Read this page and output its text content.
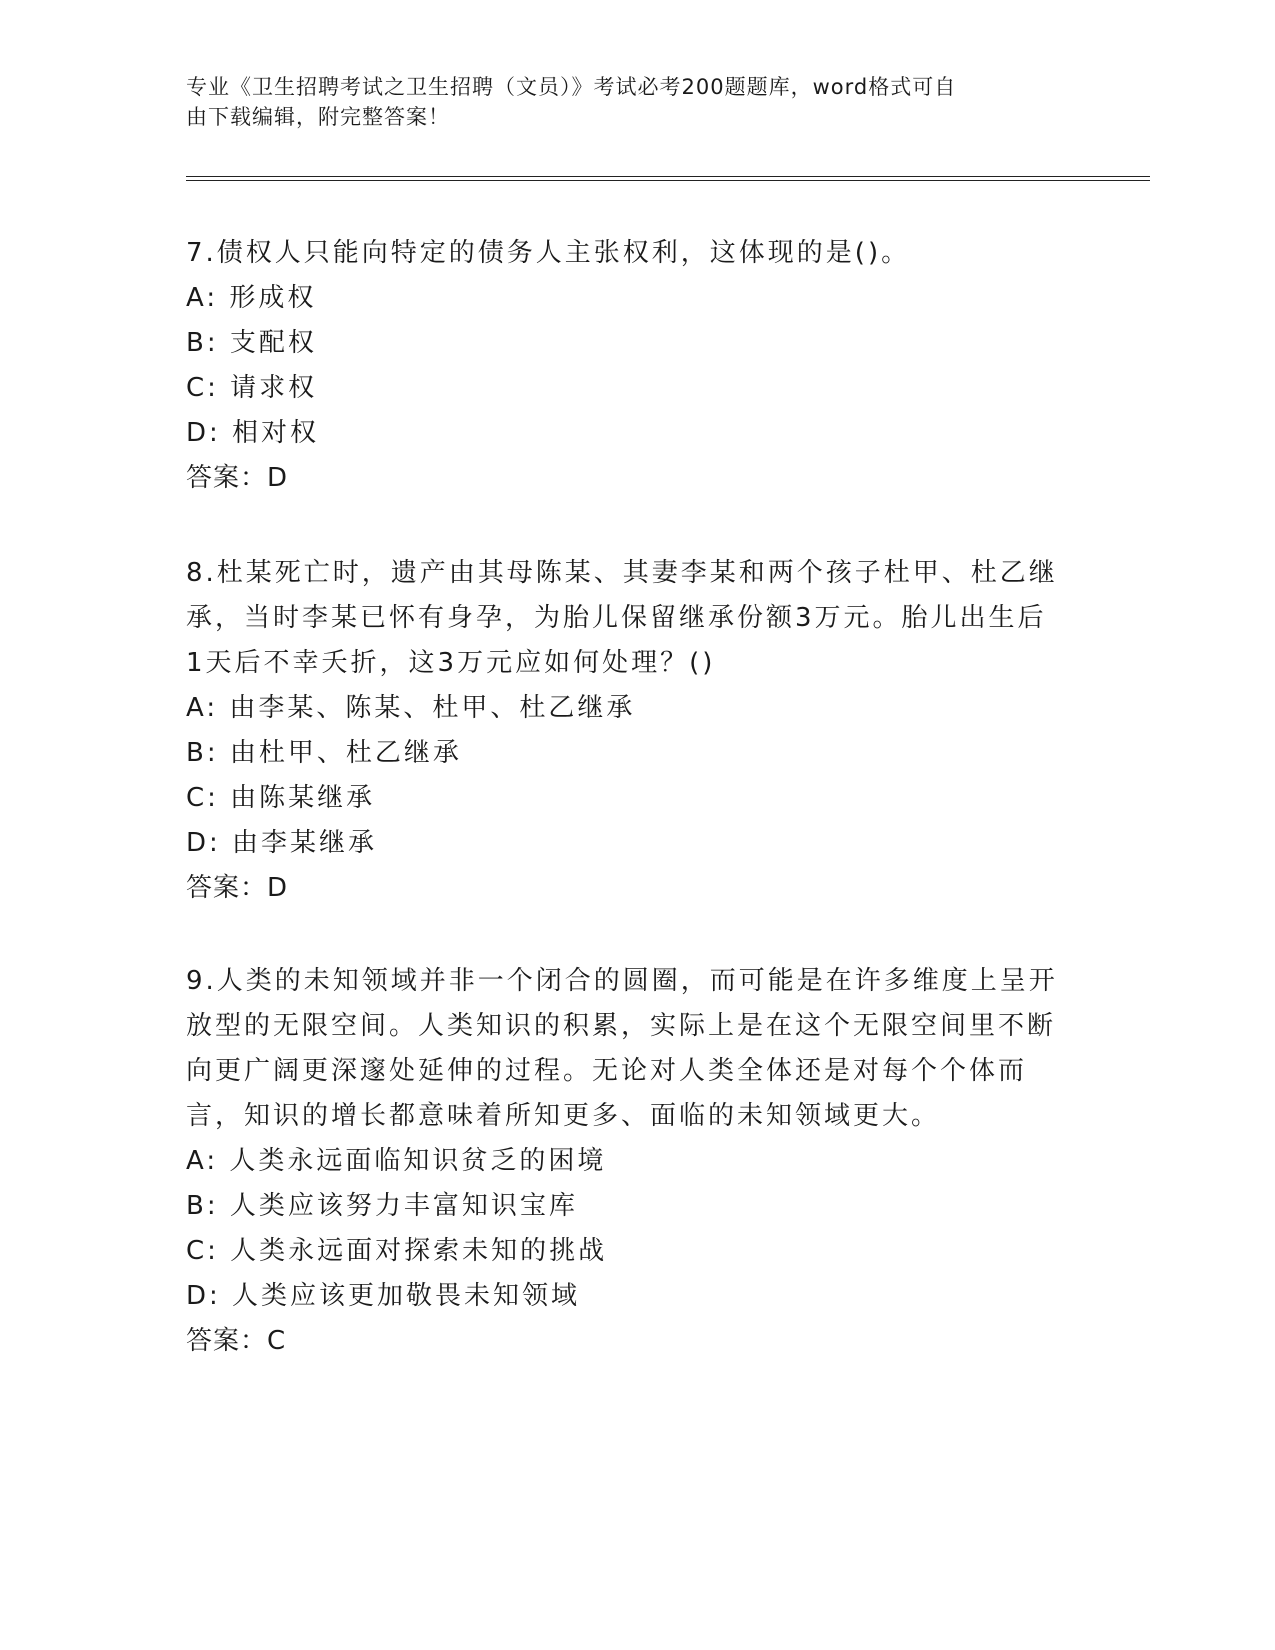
专业《卫生招聘考试之卫生招聘（文员）》考试必考200题题库，word格式可自
由下载编辑，附完整答案！

7.债权人只能向特定的债务人主张权利，这体现的是()。

A: 形成权

B: 支配权

C: 请求权

D: 相对权

答案：D

8.杜某死亡时，遗产由其母陈某、其妻李某和两个孩子杜甲、杜乙继承，当时李某已怀有身孕，为胎儿保留继承份额3万元。胎儿出生后1天后不幸夭折，这3万元应如何处理？()

A: 由李某、陈某、杜甲、杜乙继承

B: 由杜甲、杜乙继承

C: 由陈某继承

D: 由李某继承

答案：D

9.人类的未知领域并非一个闭合的圆圈，而可能是在许多维度上呈开放型的无限空间。人类知识的积累，实际上是在这个无限空间里不断向更广阔更深邃处延伸的过程。无论对人类全体还是对每个个体而言，知识的增长都意味着所知更多、面临的未知领域更大。

A: 人类永远面临知识贫乏的困境

B: 人类应该努力丰富知识宝库

C: 人类永远面对探索未知的挑战

D: 人类应该更加敬畏未知领域

答案：C
